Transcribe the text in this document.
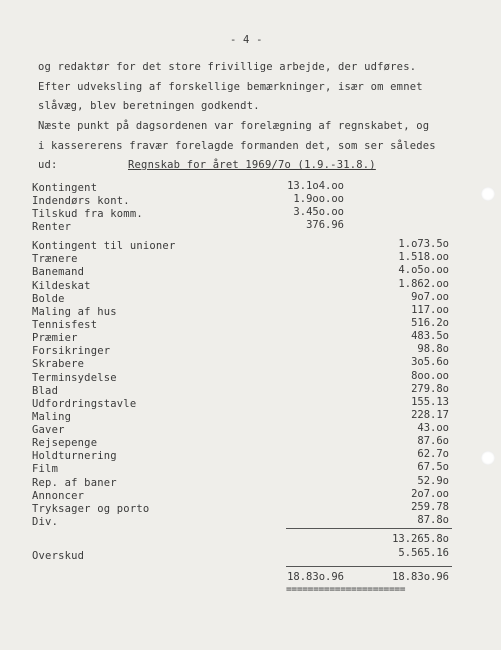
- 4 -
og redaktør for det store frivillige arbejde, der udføres.
Efter udveksling af forskellige bemærkninger, især om emnet
slåvæg, blev beretningen godkendt.
Næste punkt på dagsordenen var forelægning af regnskabet, og
i kassererens fravær forelagde formanden det, som ser således
ud:	Regnskab for året 1969/7o (1.9.-31.8.)
Kontingent	13.1o4.oo
Indendørs kont.	1.9oo.oo
Tilskud fra komm.	3.45o.oo
Renter	376.96
Kontingent til unioner	1.o73.5o
Trænere	1.518.oo
Banemand	4.o5o.oo
Kildeskat	1.862.oo
Bolde	9o7.oo
Maling af hus	117.oo
Tennisfest	516.2o
Præmier	483.5o
Forsikringer	98.8o
Skrabere	3o5.6o
Terminsydelse	8oo.oo
Blad	279.8o
Udfordringstavle	155.13
Maling	228.17
Gaver	43.oo
Rejsepenge	87.6o
Holdturnering	62.7o
Film	67.5o
Rep. af baner	52.9o
Annoncer	2o7.oo
Tryksager og porto	259.78
Div.	87.8o
13.265.8o
Overskud	5.565.16
18.83o.96	18.83o.96
======================
